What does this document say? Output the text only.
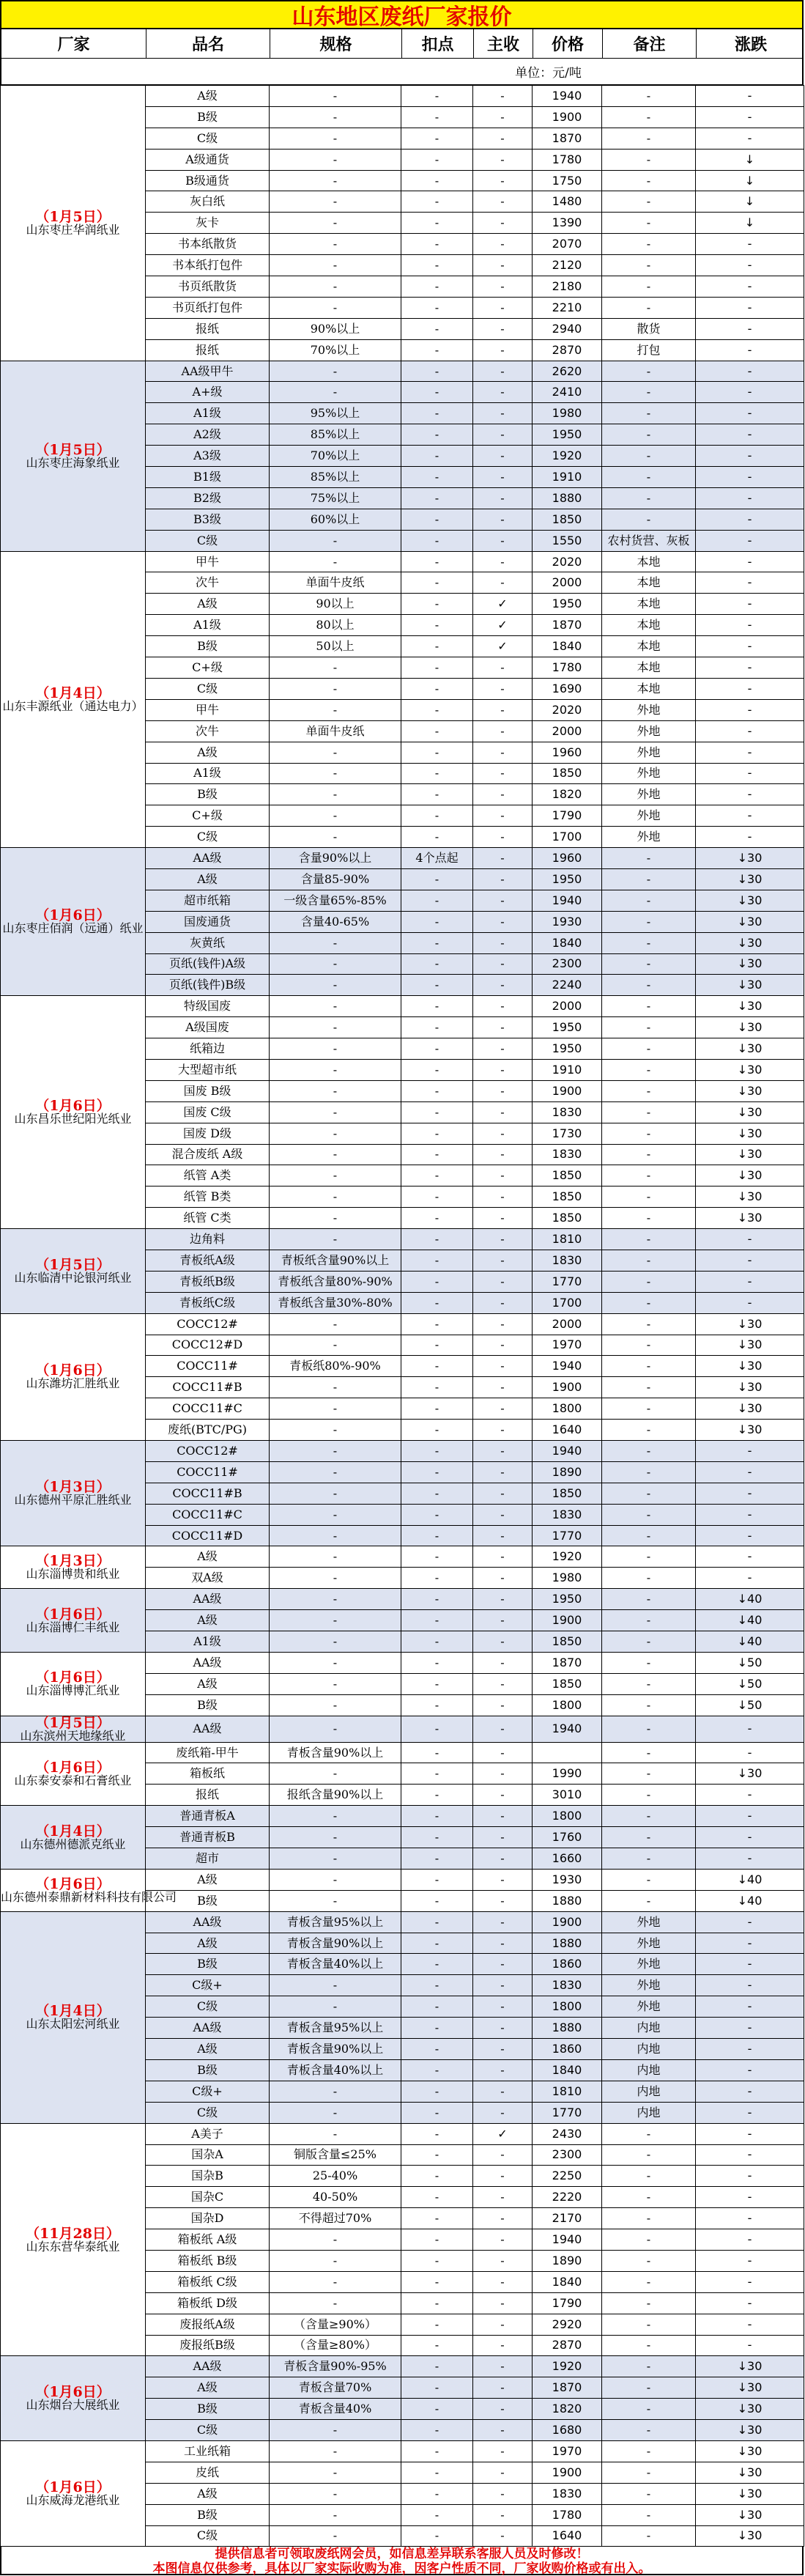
山东地区废纸厂家报价
厂家	品名	规格	扣点	主收	价格	备注	涨跌
单位：元/吨
（1月5日）
山东枣庄华润纸业	A级	-	-	-	1940	-	-
	B级	-	-	-	1900	-	-
	C级	-	-	-	1870	-	-
	A级通货	-	-	-	1780	-	↓
	B级通货	-	-	-	1750	-	↓
	灰白纸	-	-	-	1480	-	↓
	灰卡	-	-	-	1390	-	↓
	书本纸散货	-	-	-	2070	-	-
	书本纸打包件	-	-	-	2120	-	-
	书页纸散货	-	-	-	2180	-	-
	书页纸打包件	-	-	-	2210	-	-
	报纸	90%以上	-	-	2940	散货	-
	报纸	70%以上	-	-	2870	打包	-

（1月5日）
山东枣庄海象纸业	AA级甲牛	-	-	-	2620	-	-
	A+级	-	-	-	2410	-	-
	A1级	95%以上	-	-	1980	-	-
	A2级	85%以上	-	-	1950	-	-
	A3级	70%以上	-	-	1920	-	-
	B1级	85%以上	-	-	1910	-	-
	B2级	75%以上	-	-	1880	-	-
	B3级	60%以上	-	-	1850	-	-
	C级	-	-	-	1550	农村货营、灰板	-

（1月4日）
山东丰源纸业（通达电力）	甲牛	-	-	-	2020	本地	-
	次牛	单面牛皮纸	-	-	2000	本地	-
	A级	90以上	-	✓	1950	本地	-
	A1级	80以上	-	✓	1870	本地	-
	B级	50以上	-	✓	1840	本地	-
	C+级	-	-	-	1780	本地	-
	C级	-	-	-	1690	本地	-
	甲牛	-	-	-	2020	外地	-
	次牛	单面牛皮纸	-	-	2000	外地	-
	A级	-	-	-	1960	外地	-
	A1级	-	-	-	1850	外地	-
	B级	-	-	-	1820	外地	-
	C+级	-	-	-	1790	外地	-
	C级	-	-	-	1700	外地	-

（1月6日）
山东枣庄佰润（远通）纸业	AA级	含量90%以上	4个点起	-	1960	-	↓30
	A级	含量85-90%	-	-	1950	-	↓30
	超市纸箱	一级含量65%-85%	-	-	1940	-	↓30
	国废通货	含量40-65%	-	-	1930	-	↓30
	灰黄纸	-	-	-	1840	-	↓30
	页纸(钱件)A级	-	-	-	2300	-	↓30
	页纸(钱件)B级	-	-	-	2240	-	↓30

（1月6日）
山东昌乐世纪阳光纸业	特级国废	-	-	-	2000	-	↓30
	A级国废	-	-	-	1950	-	↓30
	纸箱边	-	-	-	1950	-	↓30
	大型超市纸	-	-	-	1910	-	↓30
	国废 B级	-	-	-	1900	-	↓30
	国废 C级	-	-	-	1830	-	↓30
	国废 D级	-	-	-	1730	-	↓30
	混合废纸 A级	-	-	-	1830	-	↓30
	纸管 A类	-	-	-	1850	-	↓30
	纸管 B类	-	-	-	1850	-	↓30
	纸管 C类	-	-	-	1850	-	↓30

（1月5日）
山东临清中论银河纸业	边角料	-	-	-	1810	-	-
	青板纸A级	青板纸含量90%以上	-	-	1830	-	-
	青板纸B级	青板纸含量80%-90%	-	-	1770	-	-
	青板纸C级	青板纸含量30%-80%	-	-	1700	-	-

（1月6日）
山东潍坊汇胜纸业	COCC12#	-	-	-	2000	-	↓30
	COCC12#D	-	-	-	1970	-	↓30
	COCC11#	青板纸80%-90%	-	-	1940	-	↓30
	COCC11#B	-	-	-	1900	-	↓30
	COCC11#C	-	-	-	1800	-	↓30
	废纸(BTC/PG)	-	-	-	1640	-	↓30

（1月3日）
山东德州平原汇胜纸业	COCC12#	-	-	-	1940	-	-
	COCC11#	-	-	-	1890	-	-
	COCC11#B	-	-	-	1850	-	-
	COCC11#C	-	-	-	1830	-	-
	COCC11#D	-	-	-	1770	-	-

（1月3日）
山东淄博贵和纸业	A级	-	-	-	1920	-	-
	双A级	-	-	-	1980	-	-

（1月6日）
山东淄博仁丰纸业	AA级	-	-	-	1950	-	↓40
	A级	-	-	-	1900	-	↓40
	A1级	-	-	-	1850	-	↓40

（1月6日）
山东淄博博汇纸业	AA级	-	-	-	1870	-	↓50
	A级	-	-	-	1850	-	↓50
	B级	-	-	-	1800	-	↓50

（1月5日）
山东滨州天地缘纸业	AA级	-	-	-	1940	-	-

（1月6日）
山东泰安泰和石膏纸业	废纸箱-甲牛	青板含量90%以上	-	-		-	-
	箱板纸	-	-	-	1990	-	↓30
	报纸	报纸含量90%以上	-	-	3010	-	-

（1月4日）
山东德州德派克纸业	普通青板A	-	-	-	1800	-	-
	普通青板B	-	-	-	1760	-	-
	超市	-	-	-	1660	-	-

（1月6日）
山东德州泰鼎新材料科技有限公司	A级	-	-	-	1930	-	↓40
	B级	-	-	-	1880	-	↓40

（1月4日）
山东太阳宏河纸业	AA级	青板含量95%以上	-	-	1900	外地	-
	A级	青板含量90%以上	-	-	1880	外地	-
	B级	青板含量40%以上	-	-	1860	外地	-
	C级+	-	-	-	1830	外地	-
	C级	-	-	-	1800	外地	-
	AA级	青板含量95%以上	-	-	1880	内地	-
	A级	青板含量90%以上	-	-	1860	内地	-
	B级	青板含量40%以上	-	-	1840	内地	-
	C级+	-	-	-	1810	内地	-
	C级	-	-	-	1770	内地	-

（11月28日）
山东东营华泰纸业	A美子	-	-	✓	2430	-	-
	国杂A	铜版含量≤25%	-	-	2300	-	-
	国杂B	25-40%	-	-	2250	-	-
	国杂C	40-50%	-	-	2220	-	-
	国杂D	不得超过70%	-	-	2170	-	-
	箱板纸 A级	-	-	-	1940	-	-
	箱板纸 B级	-	-	-	1890	-	-
	箱板纸 C级	-	-	-	1840	-	-
	箱板纸 D级	-	-	-	1790	-	-
	废报纸A级	（含量≥90%）	-	-	2920	-	-
	废报纸B级	（含量≥80%）	-	-	2870	-	-

（1月6日）
山东烟台大展纸业	AA级	青板含量90%-95%	-	-	1920	-	↓30
	A级	青板含量70%	-	-	1870	-	↓30
	B级	青板含量40%	-	-	1820	-	↓30
	C级	-	-	-	1680	-	↓30

（1月6日）
山东威海龙港纸业	工业纸箱	-	-	-	1970	-	↓30
	皮纸	-	-	-	1900	-	↓30
	A级	-	-	-	1830	-	↓30
	B级	-	-	-	1780	-	↓30
	C级	-	-	-	1640	-	↓30
提供信息者可领取废纸网会员，如信息差异联系客服人员及时修改！
本图信息仅供参考，具体以厂家实际收购为准，因客户性质不同，厂家收购价格或有出入。
